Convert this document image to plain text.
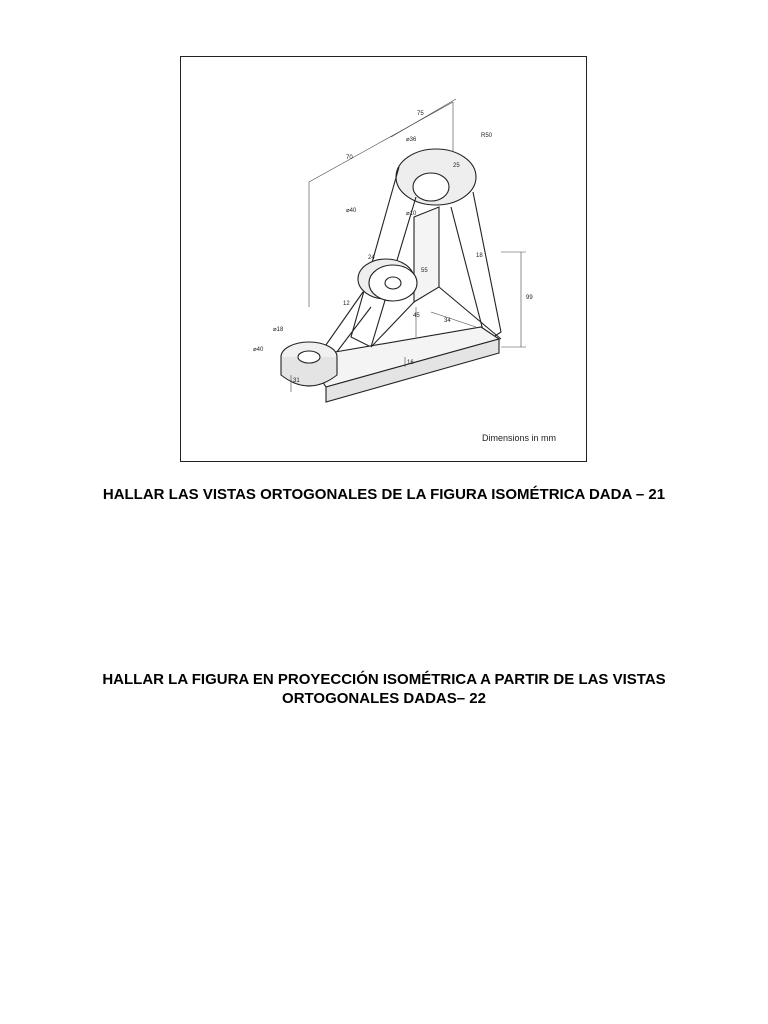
75
70
R50
⌀36
25
⌀40	⌀10
24
55
18
99
12
45
34
⌀18
⌀40
16
31
Dimensions in mm

HALLAR LAS VISTAS ORTOGONALES DE LA FIGURA ISOMÉTRICA DADA – 21

HALLAR LA FIGURA EN PROYECCIÓN ISOMÉTRICA A PARTIR DE LAS VISTAS
ORTOGONALES DADAS– 22
